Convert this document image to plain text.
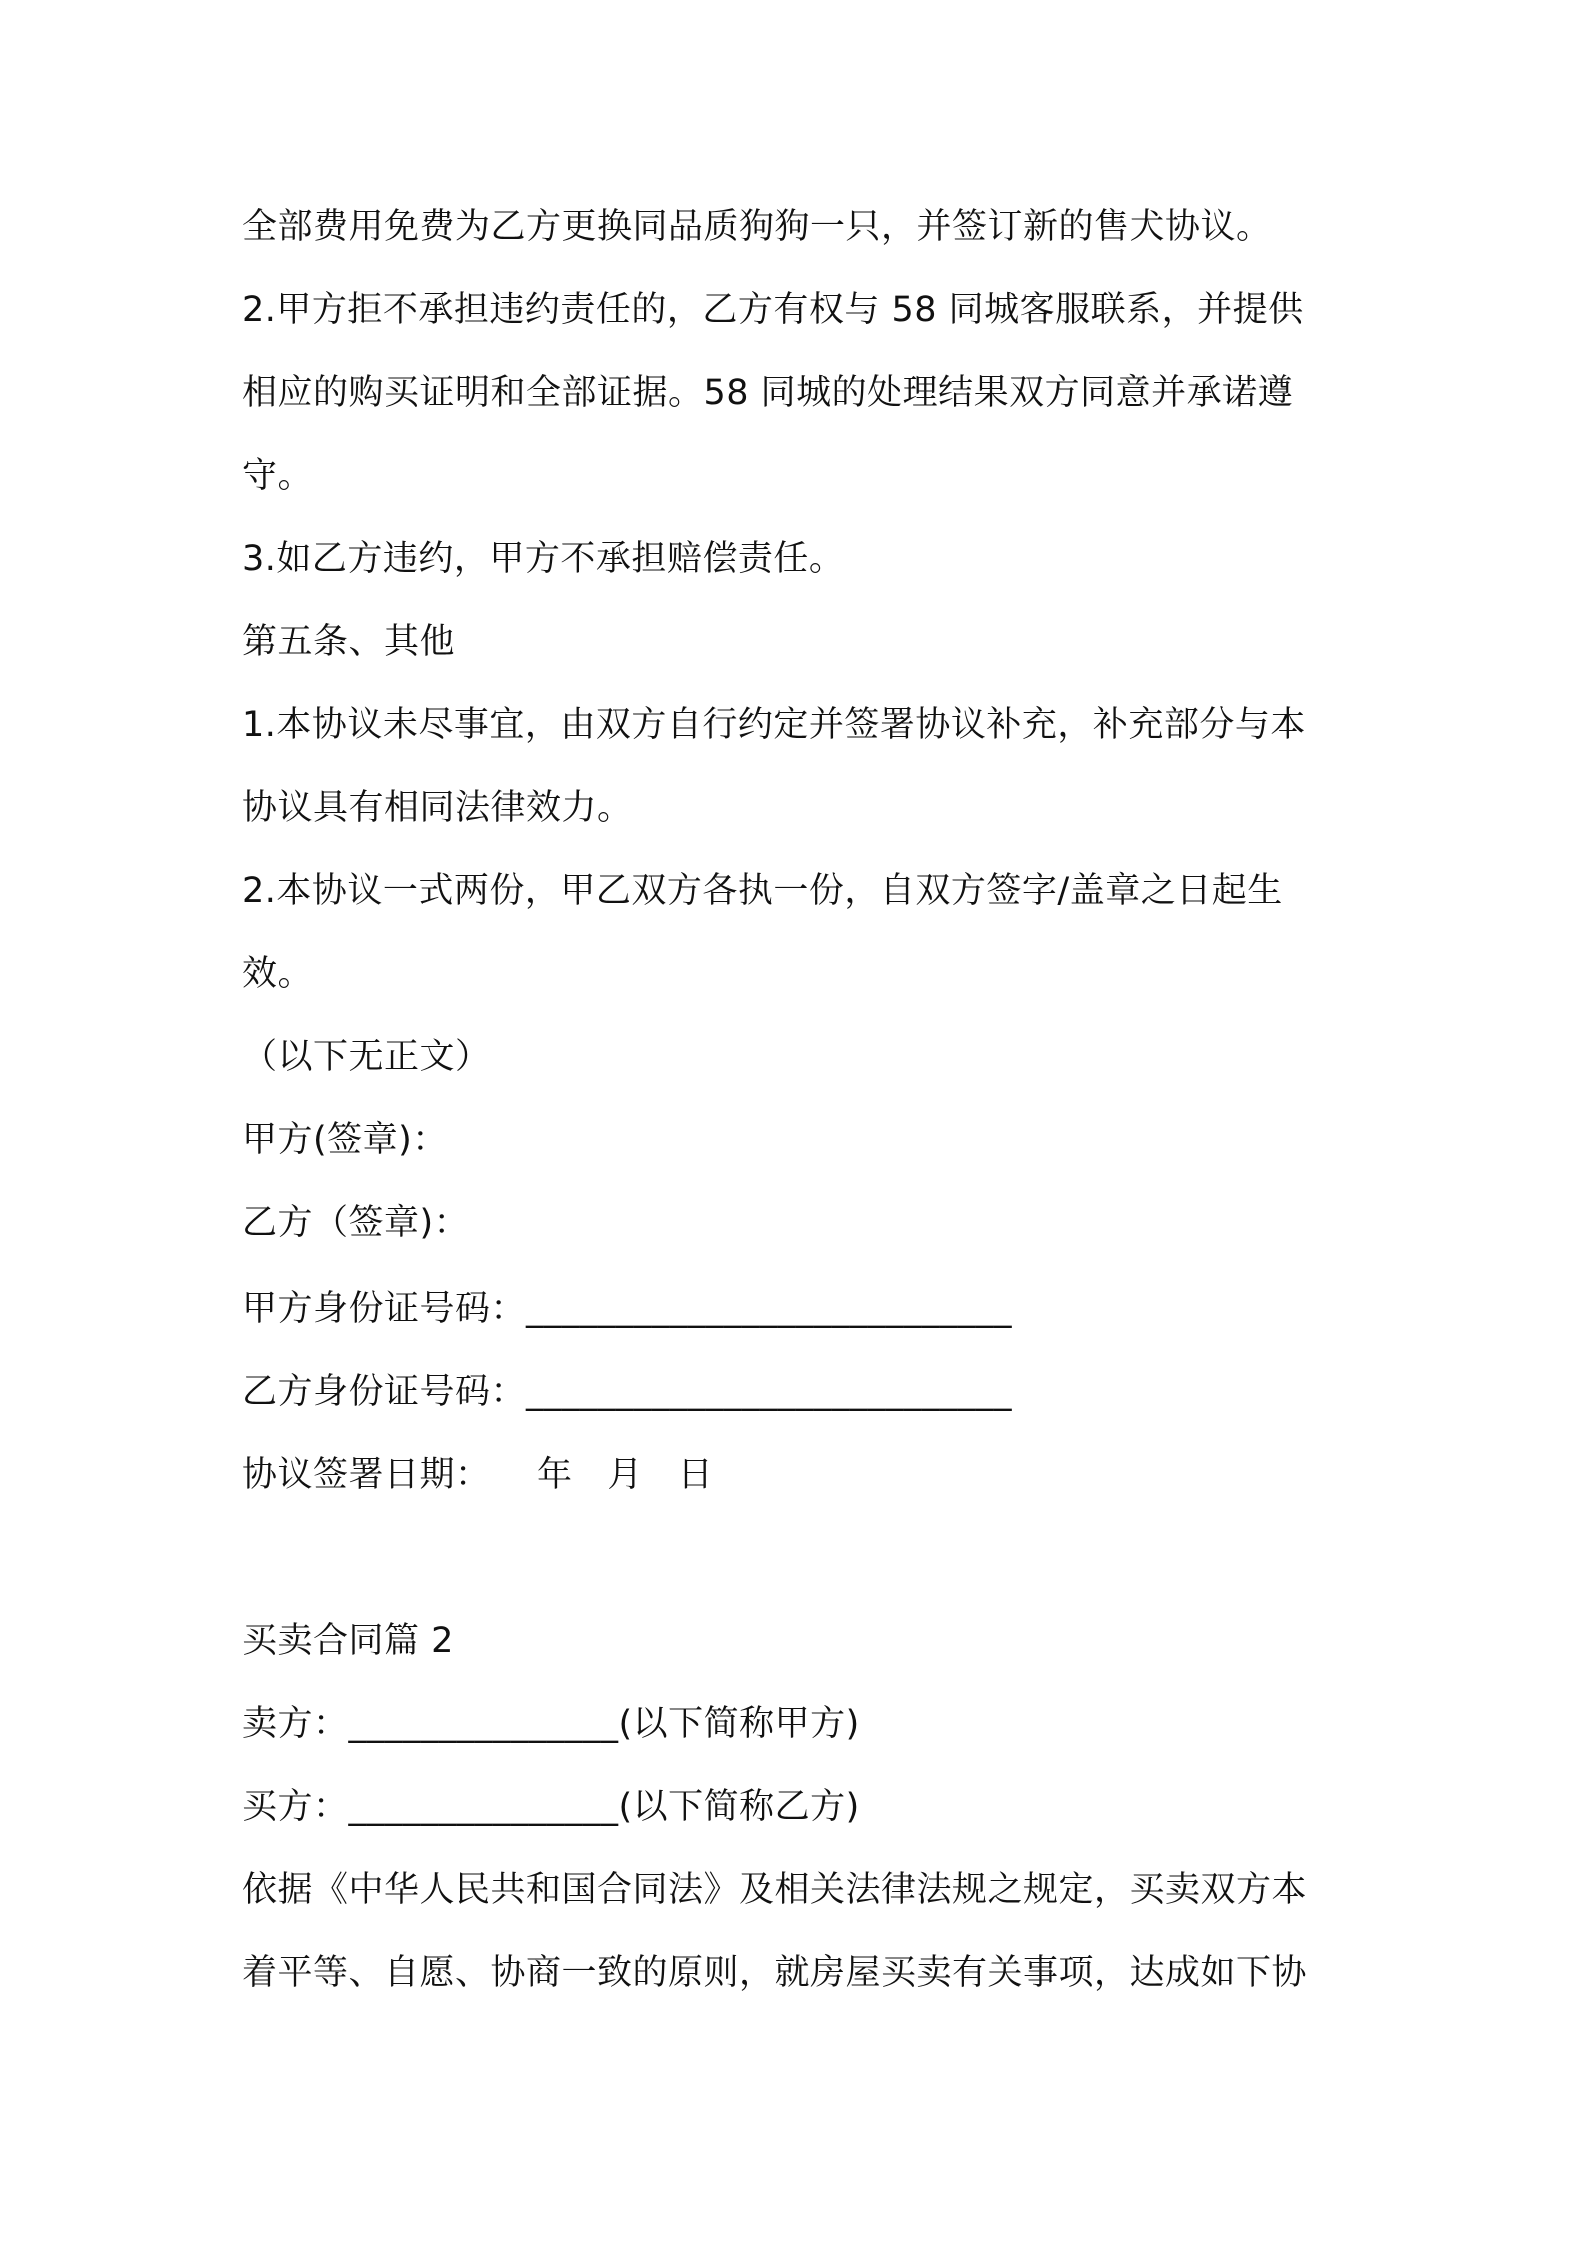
全部费用免费为乙方更换同品质狗狗一只，并签订新的售犬协议。

2.甲方拒不承担违约责任的，乙方有权与 58 同城客服联系，并提供

相应的购买证明和全部证据。58 同城的处理结果双方同意并承诺遵

守。

3.如乙方违约，甲方不承担赔偿责任。

第五条、其他

1.本协议未尽事宜，由双方自行约定并签署协议补充，补充部分与本

协议具有相同法律效力。

2.本协议一式两份，甲乙双方各执一份，自双方签字/盖章之日起生

效。

（以下无正文）

甲方(签章)：

乙方（签章)：

甲方身份证号码：___________________________

乙方身份证号码：___________________________

协议签署日期：    年   月   日

买卖合同篇 2

卖方：_______________(以下简称甲方)

买方：_______________(以下简称乙方)

依据《中华人民共和国合同法》及相关法律法规之规定，买卖双方本

着平等、自愿、协商一致的原则，就房屋买卖有关事项，达成如下协
